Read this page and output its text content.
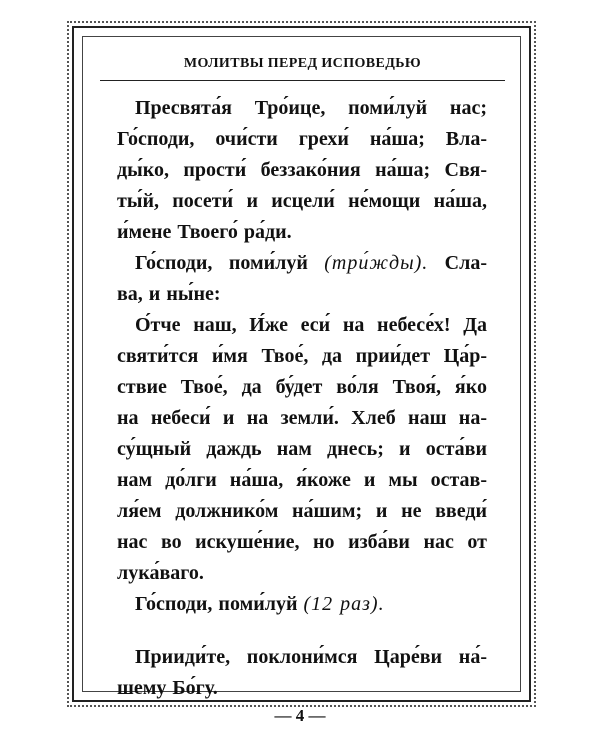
МОЛИТВЫ ПЕРЕД ИСПОВЕДЬЮ
Пресвята́я Тро́ице, поми́луй нас;
Го́споди, очи́сти грехи́ на́ша; Вла-
ды́ко, прости́ беззако́ния на́ша; Свя-
ты́й, посети́ и исцели́ не́мощи на́ша,
и́мене Твоего́ ра́ди.
Го́споди, поми́луй (три́жды). Сла-
ва, и ны́не:
О́тче наш, И́же еси́ на небесе́х! Да
святи́тся и́мя Твое́, да прии́дет Ца́р-
ствие Твое́, да бу́дет во́ля Твоя́, я́ко
на небеси́ и на земли́. Хлеб наш на-
су́щный даждь нам днесь; и оста́ви
нам до́лги на́ша, я́коже и мы остав-
ля́ем должнико́м на́шим; и не введи́
нас во искуше́ние, но изба́ви нас от
лука́ваго.
Го́споди, поми́луй (12 раз).
Прииди́те, поклони́мся Царе́ви на́-
шему Бо́гу.
— 4 —
